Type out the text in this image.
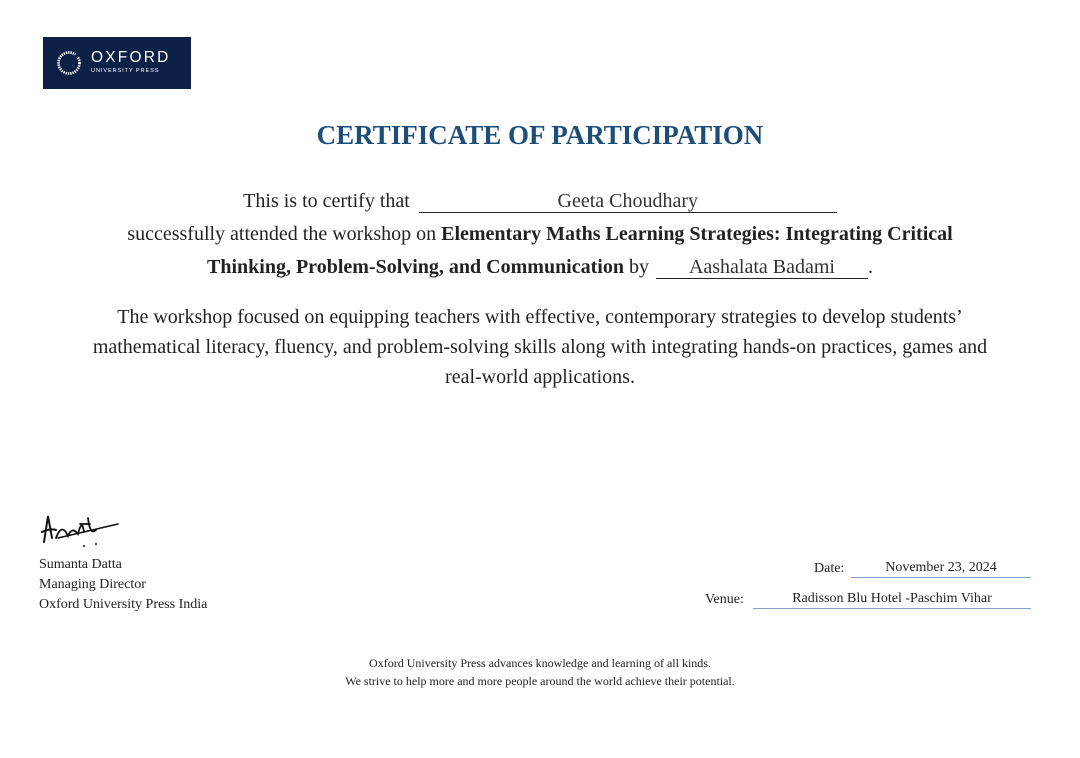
OXFORD
UNIVERSITY PRESS
CERTIFICATE OF PARTICIPATION
This is to certify that	Geeta Choudhary
successfully attended the workshop on Elementary Maths Learning Strategies: Integrating Critical
Thinking, Problem-Solving, and Communication by Aashalata Badami .
The workshop focused on equipping teachers with effective, contemporary strategies to develop students’
mathematical literacy, fluency, and problem-solving skills along with integrating hands-on practices, games and
real-world applications.
Sumanta Datta
Managing Director
Oxford University Press India
Date:	November 23, 2024
Venue:	Radisson Blu Hotel -Paschim Vihar
Oxford University Press advances knowledge and learning of all kinds.
We strive to help more and more people around the world achieve their potential.
